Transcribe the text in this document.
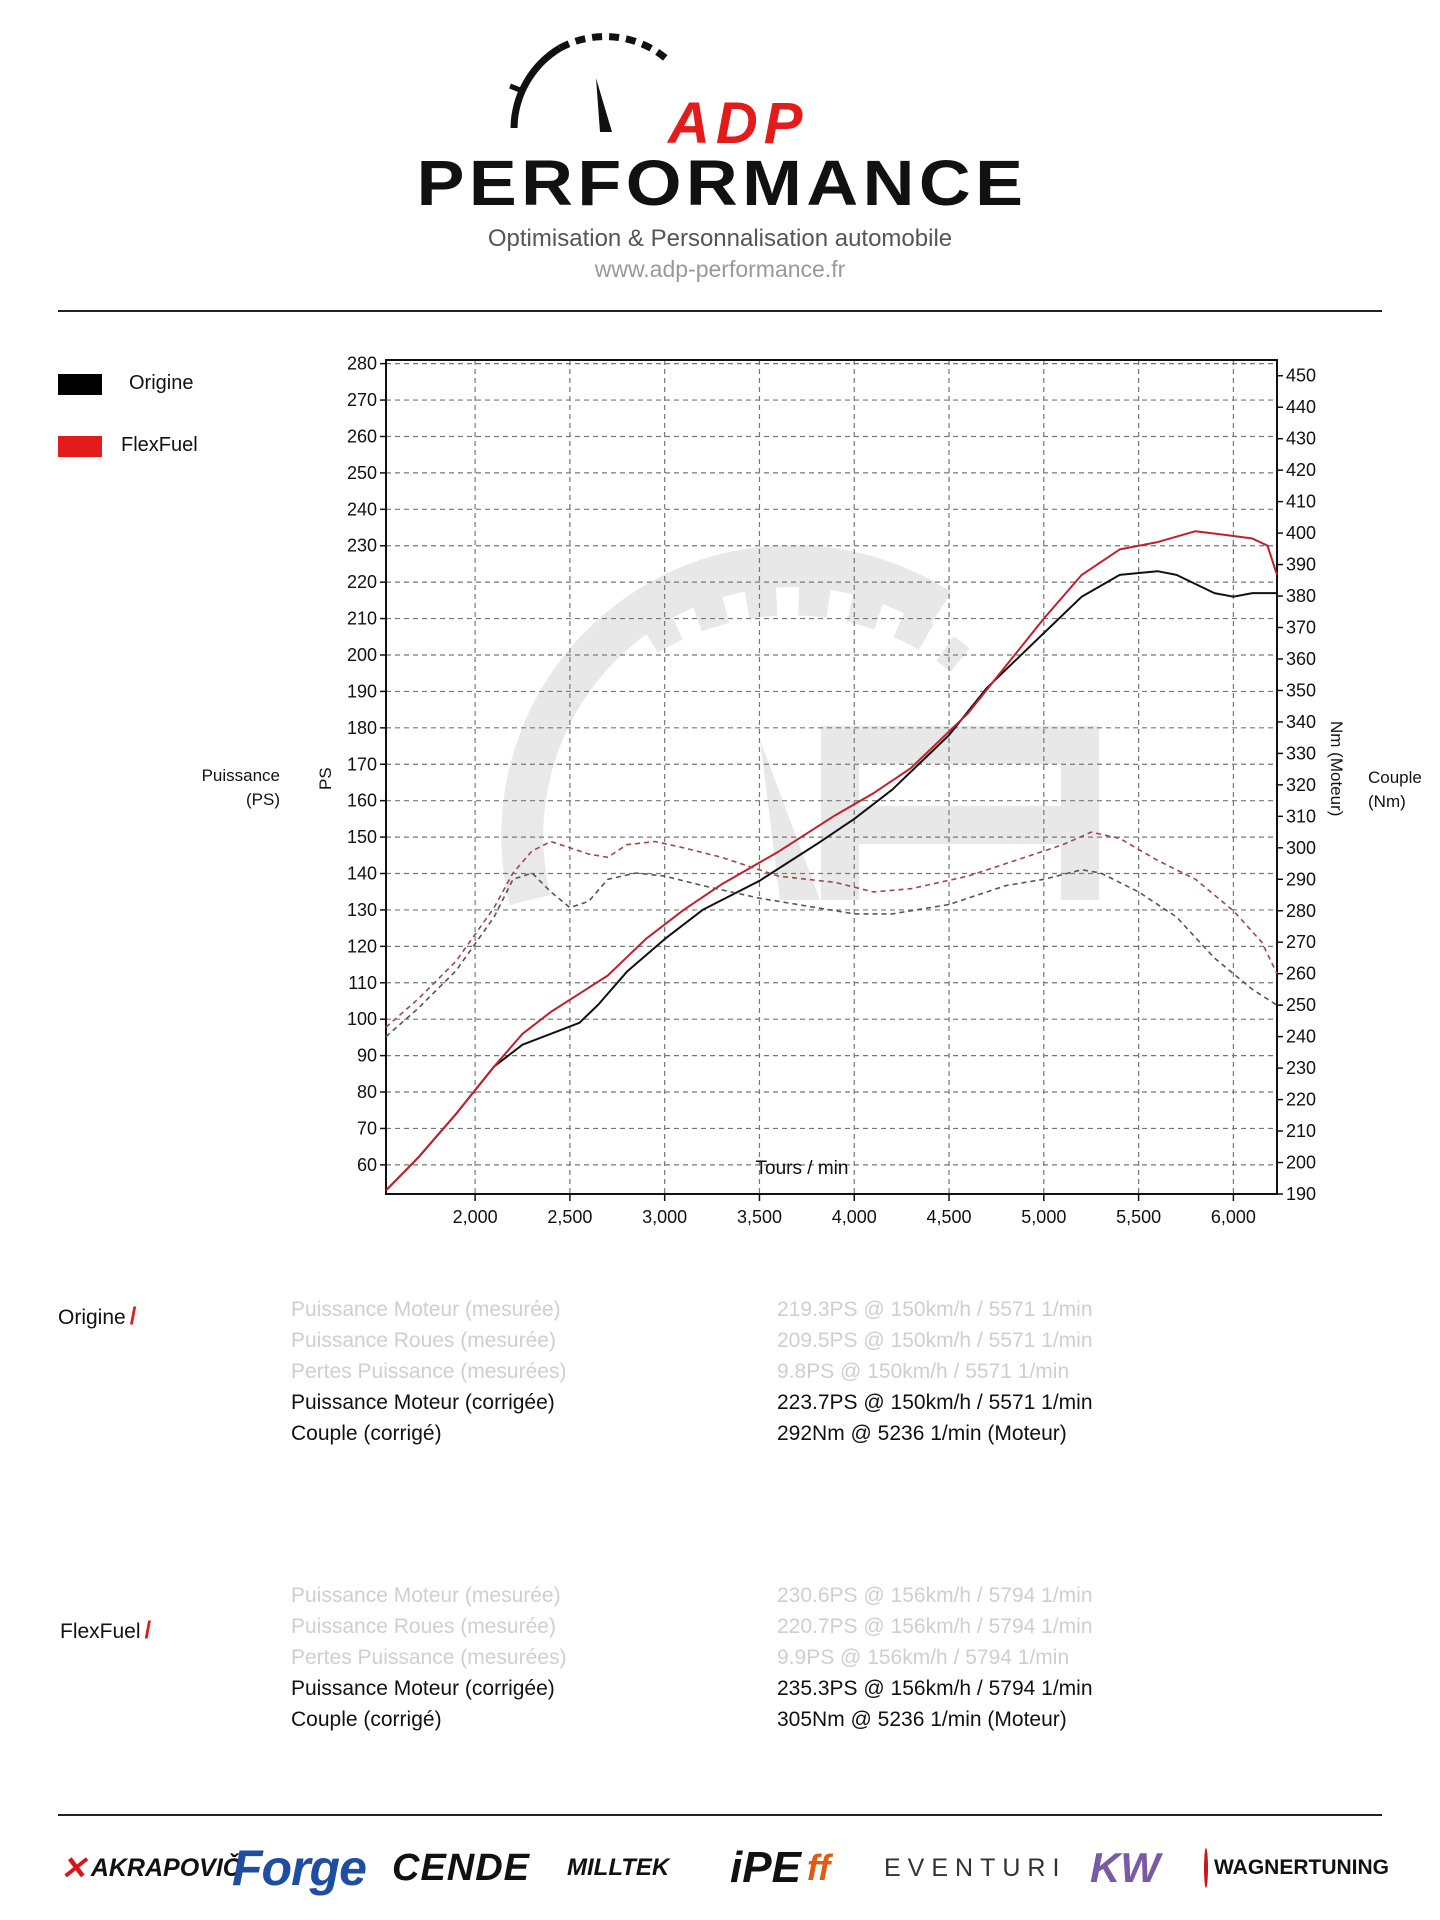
ADP
PERFORMANCE
Optimisation & Personnalisation automobile
www.adp-performance.fr
Origine
FlexFuel
Puissance
(PS)
Couple
(Nm)
60
70
80
90
100
110
120
130
140
150
160
170
180
190
200
210
220
230
240
250
260
270
280
190
200
210
220
230
240
250
260
270
280
290
300
310
320
330
340
350
360
370
380
390
400
410
420
430
440
450
2,000	2,500	3,000	3,500	4,000	4,500	5,000	5,500	6,000
PS	Nm (Moteur)
Tours / min
Origine /	Puissance Moteur (mesurée)	219.3PS @ 150km/h / 5571 1/min
Puissance Roues (mesurée)	209.5PS @ 150km/h / 5571 1/min
Pertes Puissance (mesurées)	9.8PS @ 150km/h / 5571 1/min
Puissance Moteur (corrigée)	223.7PS @ 150km/h / 5571 1/min
Couple (corrigé)	292Nm @ 5236 1/min (Moteur)
FlexFuel /
Puissance Moteur (mesurée)	230.6PS @ 156km/h / 5794 1/min
Puissance Roues (mesurée)	220.7PS @ 156km/h / 5794 1/min
Pertes Puissance (mesurées)	9.9PS @ 156km/h / 5794 1/min
Puissance Moteur (corrigée)	235.3PS @ 156km/h / 5794 1/min
Couple (corrigé)	305Nm @ 5236 1/min (Moteur)
✕ AKRAPOVIČ
Forge CENDE MILLTEK iPE ff EVENTURI KW	WAGNERTUNING
